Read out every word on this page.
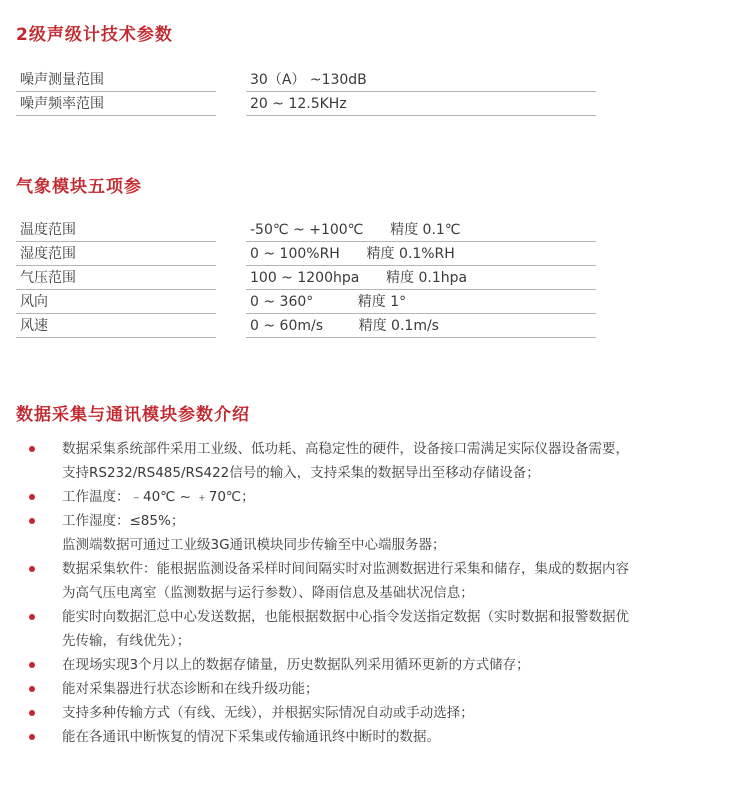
2级声级计技术参数
噪声测量范围	30（A） ~130dB
噪声频率范围	20 ~ 12.5KHz
气象模块五项参
温度范围	-50℃ ~ +100℃      精度 0.1℃
湿度范围	0 ~ 100%RH      精度 0.1%RH
气压范围	100 ~ 1200hpa      精度 0.1hpa
风向	0 ~ 360°          精度 1°
风速	0 ~ 60m/s        精度 0.1m/s
数据采集与通讯模块参数介绍
数据采集系统部件采用工业级、低功耗、高稳定性的硬件，设备接口需满足实际仪器设备需要，
支持RS232/RS485/RS422信号的输入，支持采集的数据导出至移动存储设备；
工作温度：﹣40℃ ~ ﹢70℃；
工作湿度：≤85%；
监测端数据可通过工业级3G通讯模块同步传输至中心端服务器；
数据采集软件：能根据监测设备采样时间间隔实时对监测数据进行采集和储存，集成的数据内容
为高气压电离室（监测数据与运行参数）、降雨信息及基础状况信息；
能实时向数据汇总中心发送数据，也能根据数据中心指令发送指定数据（实时数据和报警数据优
先传输，有线优先）；
在现场实现3个月以上的数据存储量，历史数据队列采用循环更新的方式储存；
能对采集器进行状态诊断和在线升级功能；
支持多种传输方式（有线、无线），并根据实际情况自动或手动选择；
能在各通讯中断恢复的情况下采集或传输通讯终中断时的数据。
